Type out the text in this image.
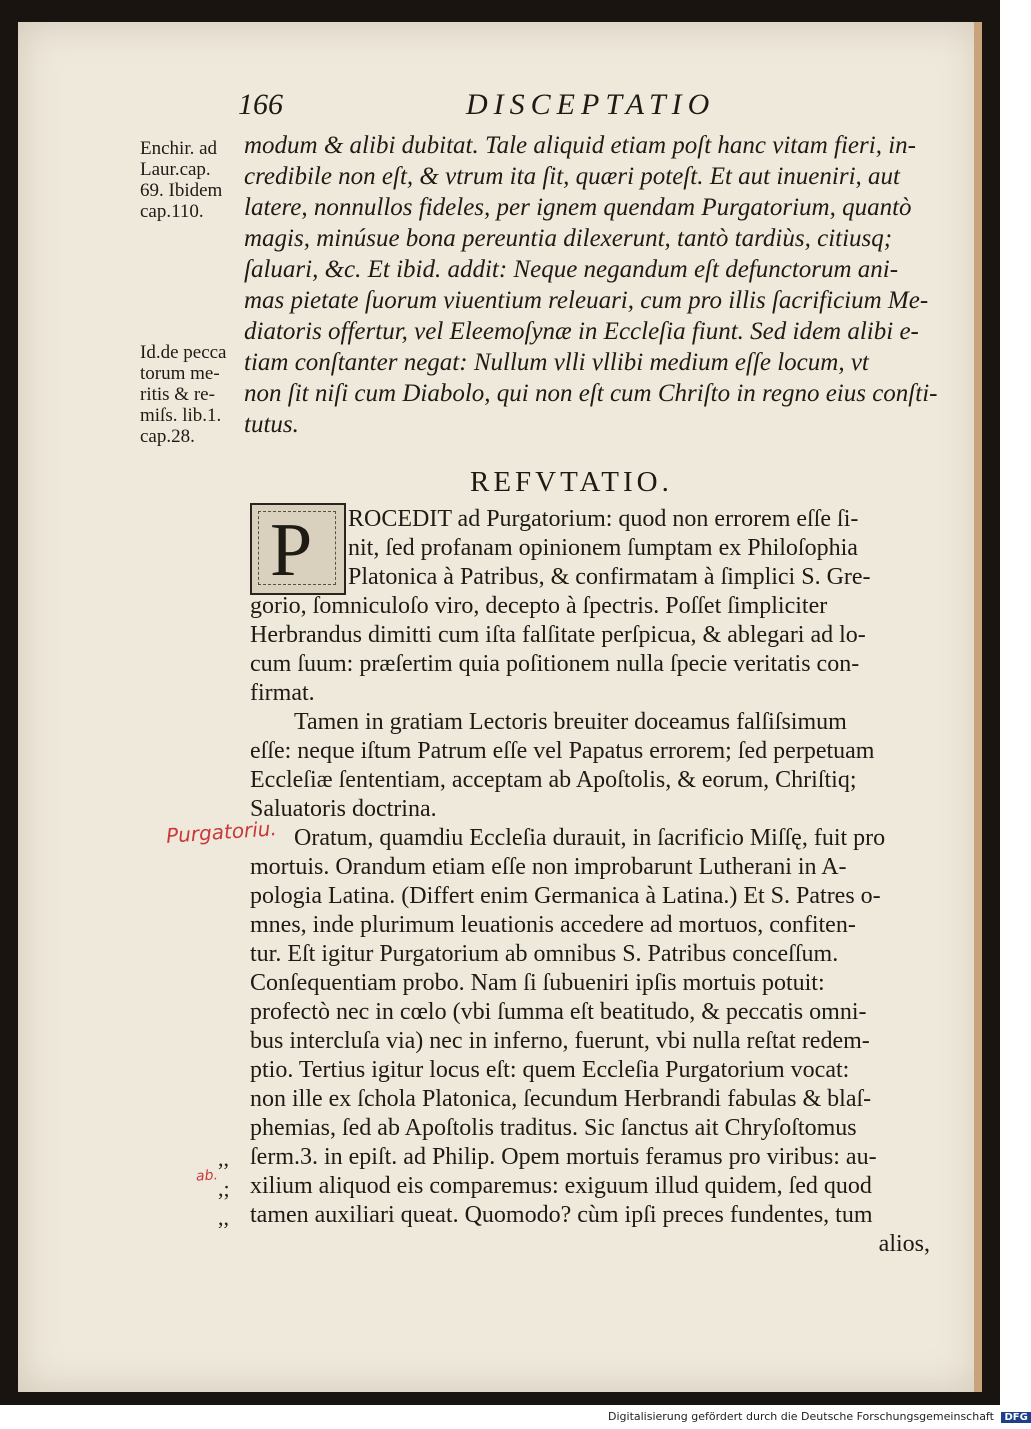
166	DISCEPTATIO
Enchir. ad
Laur.cap.
69. Ibidem
cap.110.
Id.de pecca
torum me-
ritis & re-
miſs. lib.1.
cap.28.
modum & alibi dubitat. Tale aliquid etiam poſt hanc vitam fieri, in-
credibile non eſt, & vtrum ita ſit, quæri poteſt. Et aut inueniri, aut
latere, nonnullos fideles, per ignem quendam Purgatorium, quantò
magis, minúsue bona pereuntia dilexerunt, tantò tardiùs, citiusq;
ſaluari, &c. Et ibid. addit: Neque negandum eſt defunctorum ani-
mas pietate ſuorum viuentium releuari, cum pro illis ſacrificium Me-
diatoris offertur, vel Eleemoſynæ in Eccleſia fiunt. Sed idem alibi e-
tiam conſtanter negat: Nullum vlli vllibi medium eſſe locum, vt
non ſit niſi cum Diabolo, qui non eſt cum Chriſto in regno eius conſti-
tutus.
REFVTATIO.
P ROCEDIT ad Purgatorium: quod non errorem eſſe ſi-
nit, ſed profanam opinionem ſumptam ex Philoſophia
Platonica à Patribus, & confirmatam à ſimplici S. Gre-
gorio, ſomniculoſo viro, decepto à ſpectris. Poſſet ſimpliciter
Herbrandus dimitti cum iſta falſitate perſpicua, & ablegari ad lo-
cum ſuum: præſertim quia poſitionem nulla ſpecie veritatis con-
firmat.
Tamen in gratiam Lectoris breuiter doceamus falſiſsimum
eſſe: neque iſtum Patrum eſſe vel Papatus errorem; ſed perpetuam
Eccleſiæ ſententiam, acceptam ab Apoſtolis, & eorum, Chriſtiq;
Saluatoris doctrina.
Oratum, quamdiu Eccleſia durauit, in ſacrificio Miſſę, fuit pro
mortuis. Orandum etiam eſſe non improbarunt Lutherani in A-
pologia Latina. (Differt enim Germanica à Latina.) Et S. Patres o-
mnes, inde plurimum leuationis accedere ad mortuos, confiten-
tur. Eſt igitur Purgatorium ab omnibus S. Patribus conceſſum.
Conſequentiam probo. Nam ſi ſubueniri ipſis mortuis potuit:
profectò nec in cœlo (vbi ſumma eſt beatitudo, & peccatis omni-
bus intercluſa via) nec in inferno, fuerunt, vbi nulla reſtat redem-
ptio. Tertius igitur locus eſt: quem Eccleſia Purgatorium vocat:
non ille ex ſchola Platonica, ſecundum Herbrandi fabulas & blaſ-
phemias, ſed ab Apoſtolis traditus. Sic ſanctus ait Chryſoſtomus
ſerm.3. in epiſt. ad Philip. Opem mortuis feramus pro viribus: au-
xilium aliquod eis comparemus: exiguum illud quidem, ſed quod
tamen auxiliari queat. Quomodo? cùm ipſi preces fundentes, tum
alios,
Purgatoriu.
ab.
,,
,;
,,
Digitalisierung gefördert durch die Deutsche Forschungsgemeinschaft DFG
